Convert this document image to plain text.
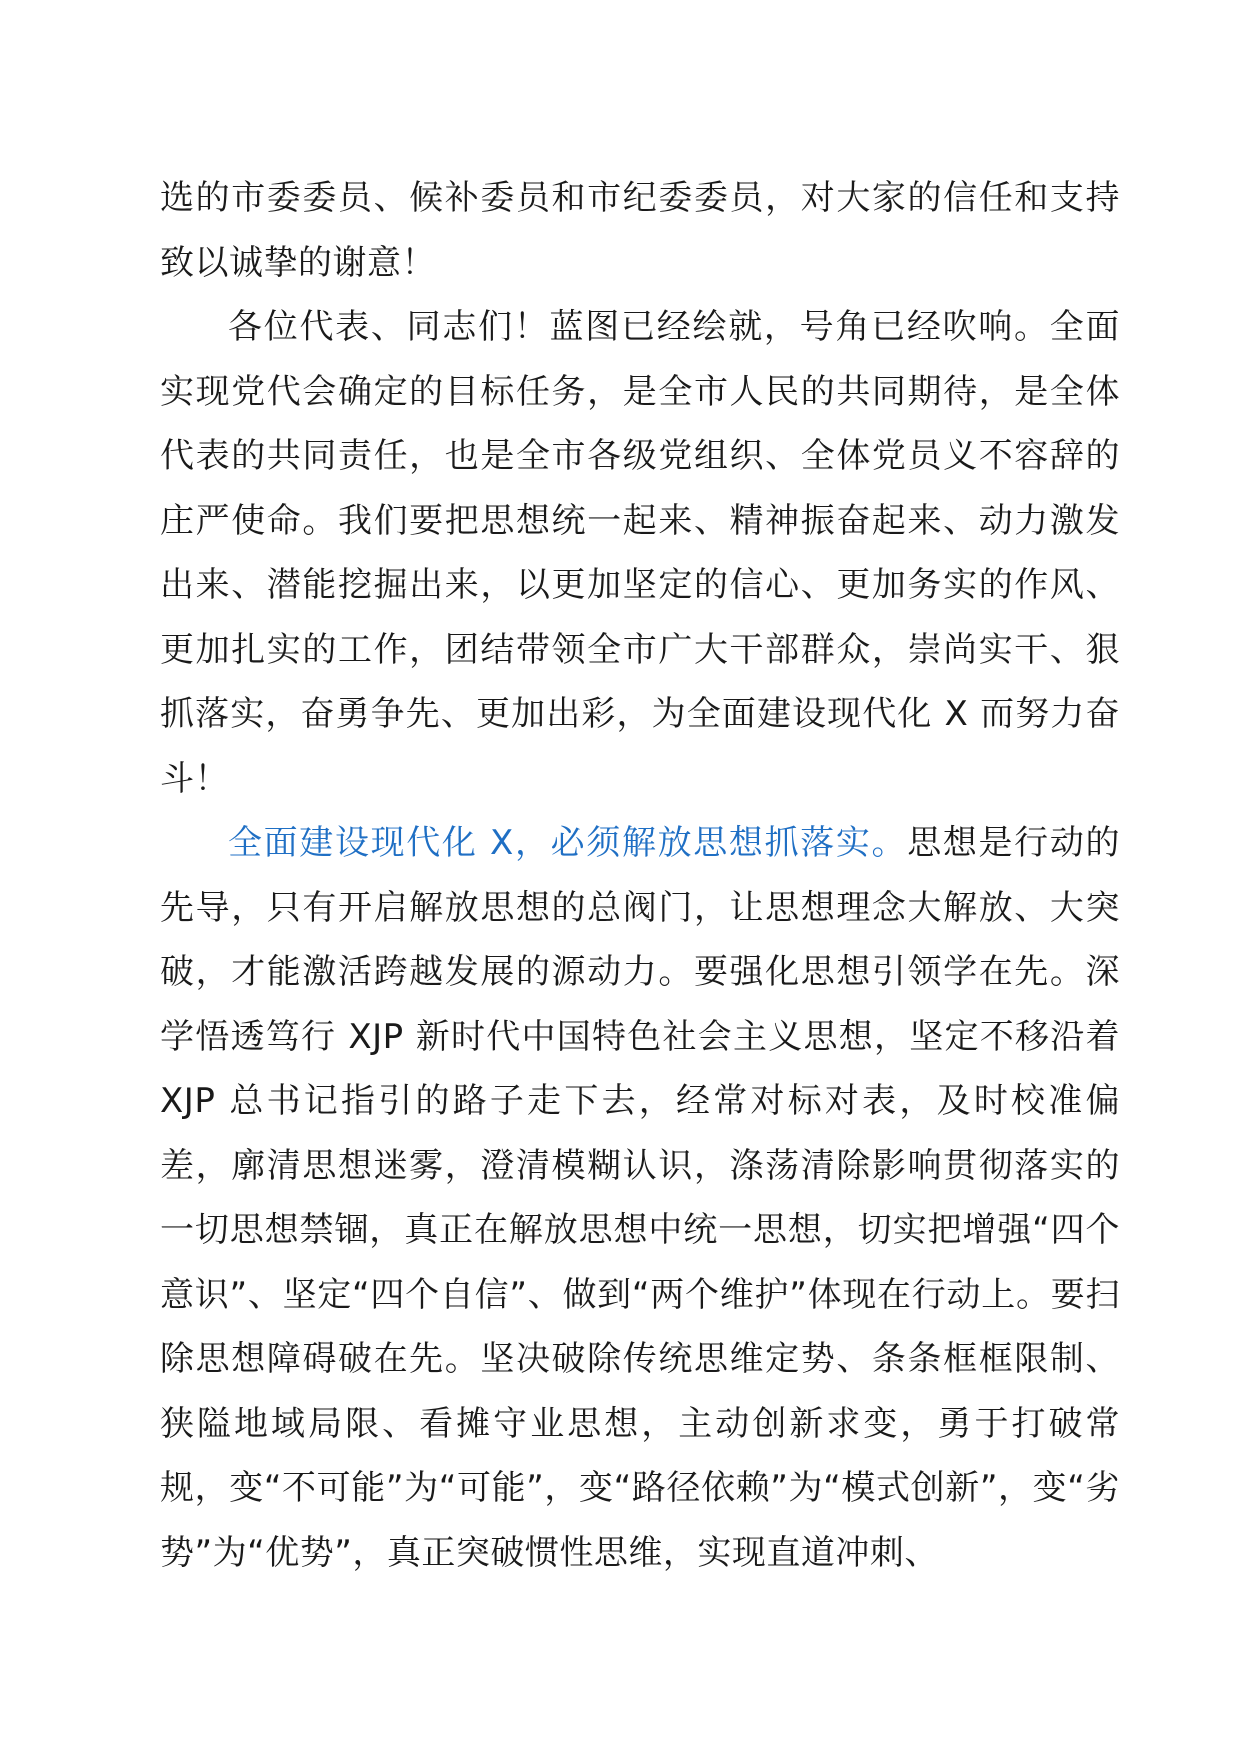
选的市委委员、候补委员和市纪委委员，对大家的信任和支持致以诚挚的谢意！

各位代表、同志们！蓝图已经绘就，号角已经吹响。全面实现党代会确定的目标任务，是全市人民的共同期待，是全体代表的共同责任，也是全市各级党组织、全体党员义不容辞的庄严使命。我们要把思想统一起来、精神振奋起来、动力激发出来、潜能挖掘出来，以更加坚定的信心、更加务实的作风、更加扎实的工作，团结带领全市广大干部群众，崇尚实干、狠抓落实，奋勇争先、更加出彩，为全面建设现代化 X 而努力奋斗！

全面建设现代化 X，必须解放思想抓落实。思想是行动的先导，只有开启解放思想的总阀门，让思想理念大解放、大突破，才能激活跨越发展的源动力。要强化思想引领学在先。深学悟透笃行 XJP 新时代中国特色社会主义思想，坚定不移沿着 XJP 总书记指引的路子走下去，经常对标对表，及时校准偏差，廓清思想迷雾，澄清模糊认识，涤荡清除影响贯彻落实的一切思想禁锢，真正在解放思想中统一思想，切实把增强“四个意识”、坚定“四个自信”、做到“两个维护”体现在行动上。要扫除思想障碍破在先。坚决破除传统思维定势、条条框框限制、狭隘地域局限、看摊守业思想，主动创新求变，勇于打破常规，变“不可能”为“可能”，变“路径依赖”为“模式创新”，变“劣势”为“优势”，真正突破惯性思维，实现直道冲刺、
